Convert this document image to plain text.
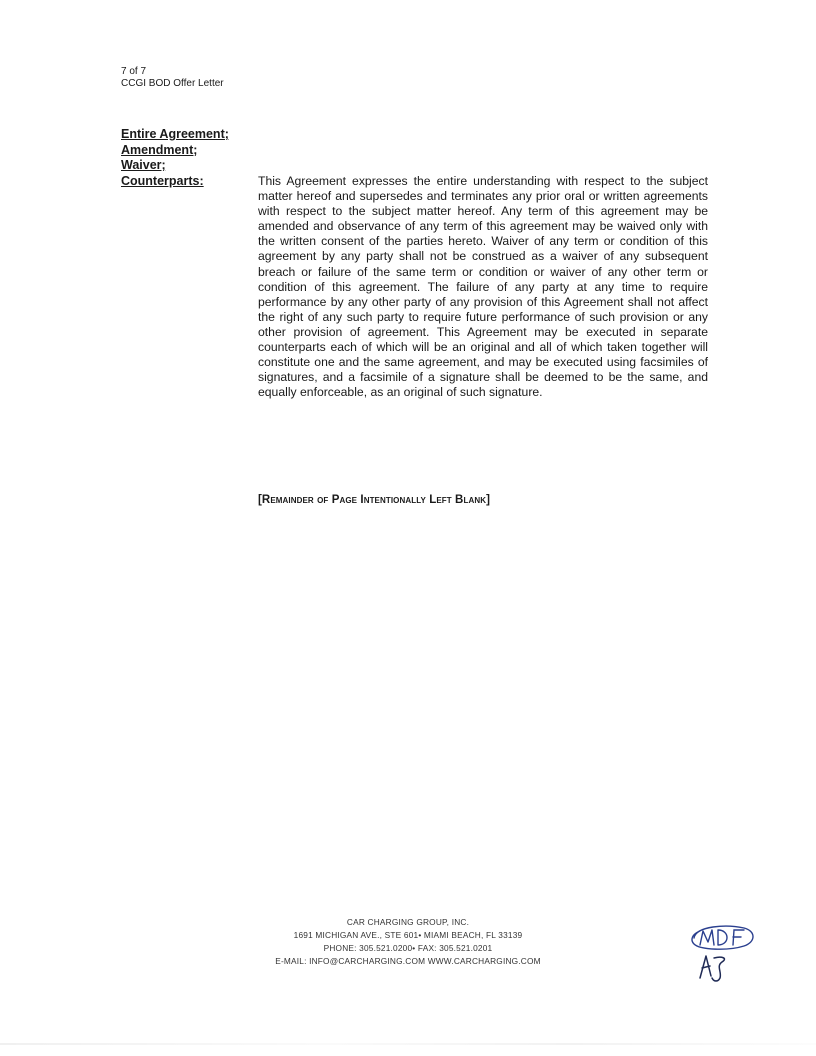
7 of 7
CCGI BOD Offer Letter
Entire Agreement;
Amendment;
Waiver;
Counterparts :	This Agreement expresses the entire understanding with respect to the subject matter hereof and supersedes and terminates any prior oral or written agreements with respect to the subject matter hereof. Any term of this agreement may be amended and observance of any term of this agreement may be waived only with the written consent of the parties hereto. Waiver of any term or condition of this agreement by any party shall not be construed as a waiver of any subsequent breach or failure of the same term or condition or waiver of any other term or condition of this agreement. The failure of any party at any time to require performance by any other party of any provision of this Agreement shall not affect the right of any such party to require future performance of such provision or any other provision of agreement. This Agreement may be executed in separate counterparts each of which will be an original and all of which taken together will constitute one and the same agreement, and may be executed using facsimiles of signatures, and a facsimile of a signature shall be deemed to be the same, and equally enforceable, as an original of such signature.
[Remainder of Page Intentionally Left Blank]
CAR CHARGING GROUP, INC.
1691 MICHIGAN AVE., STE 601• MIAMI BEACH, FL 33139
PHONE: 305.521.0200• FAX: 305.521.0201
E-MAIL: INFO@CARCHARGING.COM WWW.CARCHARGING.COM
